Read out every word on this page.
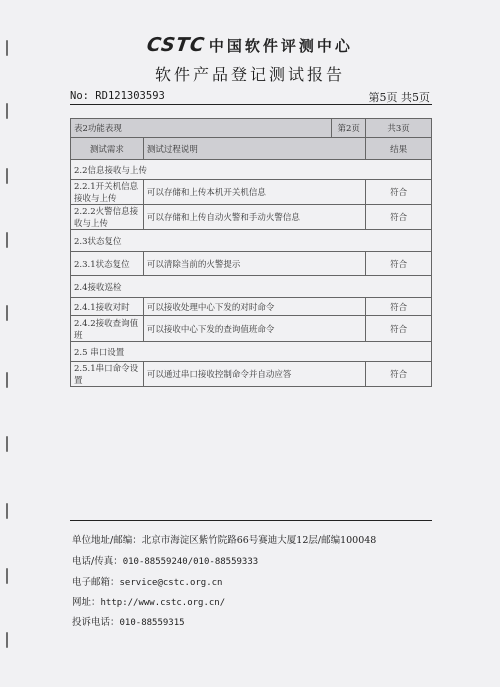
CSTC 中国软件评测中心
软件产品登记测试报告
No: RD121303593	第5页 共5页
表2功能表现		第2页	共3页
测试需求	测试过程说明		结果
2.2信息接收与上传			
2.2.1开关机信息接收与上传	可以存储和上传本机开关机信息		符合
2.2.2火警信息接收与上传	可以存储和上传自动火警和手动火警信息		符合
2.3状态复位			
2.3.1状态复位	可以清除当前的火警提示		符合
2.4接收巡检			
2.4.1接收对时	可以接收处理中心下发的对时命令		符合
2.4.2接收查询值班	可以接收中心下发的查询值班命令		符合
2.5 串口设置			
2.5.1串口命令设置	可以通过串口接收控制命令并自动应答		符合
单位地址/邮编：北京市海淀区紫竹院路66号赛迪大厦12层/邮编100048
电话/传真：010-88559240/010-88559333
电子邮箱：service@cstc.org.cn
网址：http://www.cstc.org.cn/
投诉电话：010-88559315
